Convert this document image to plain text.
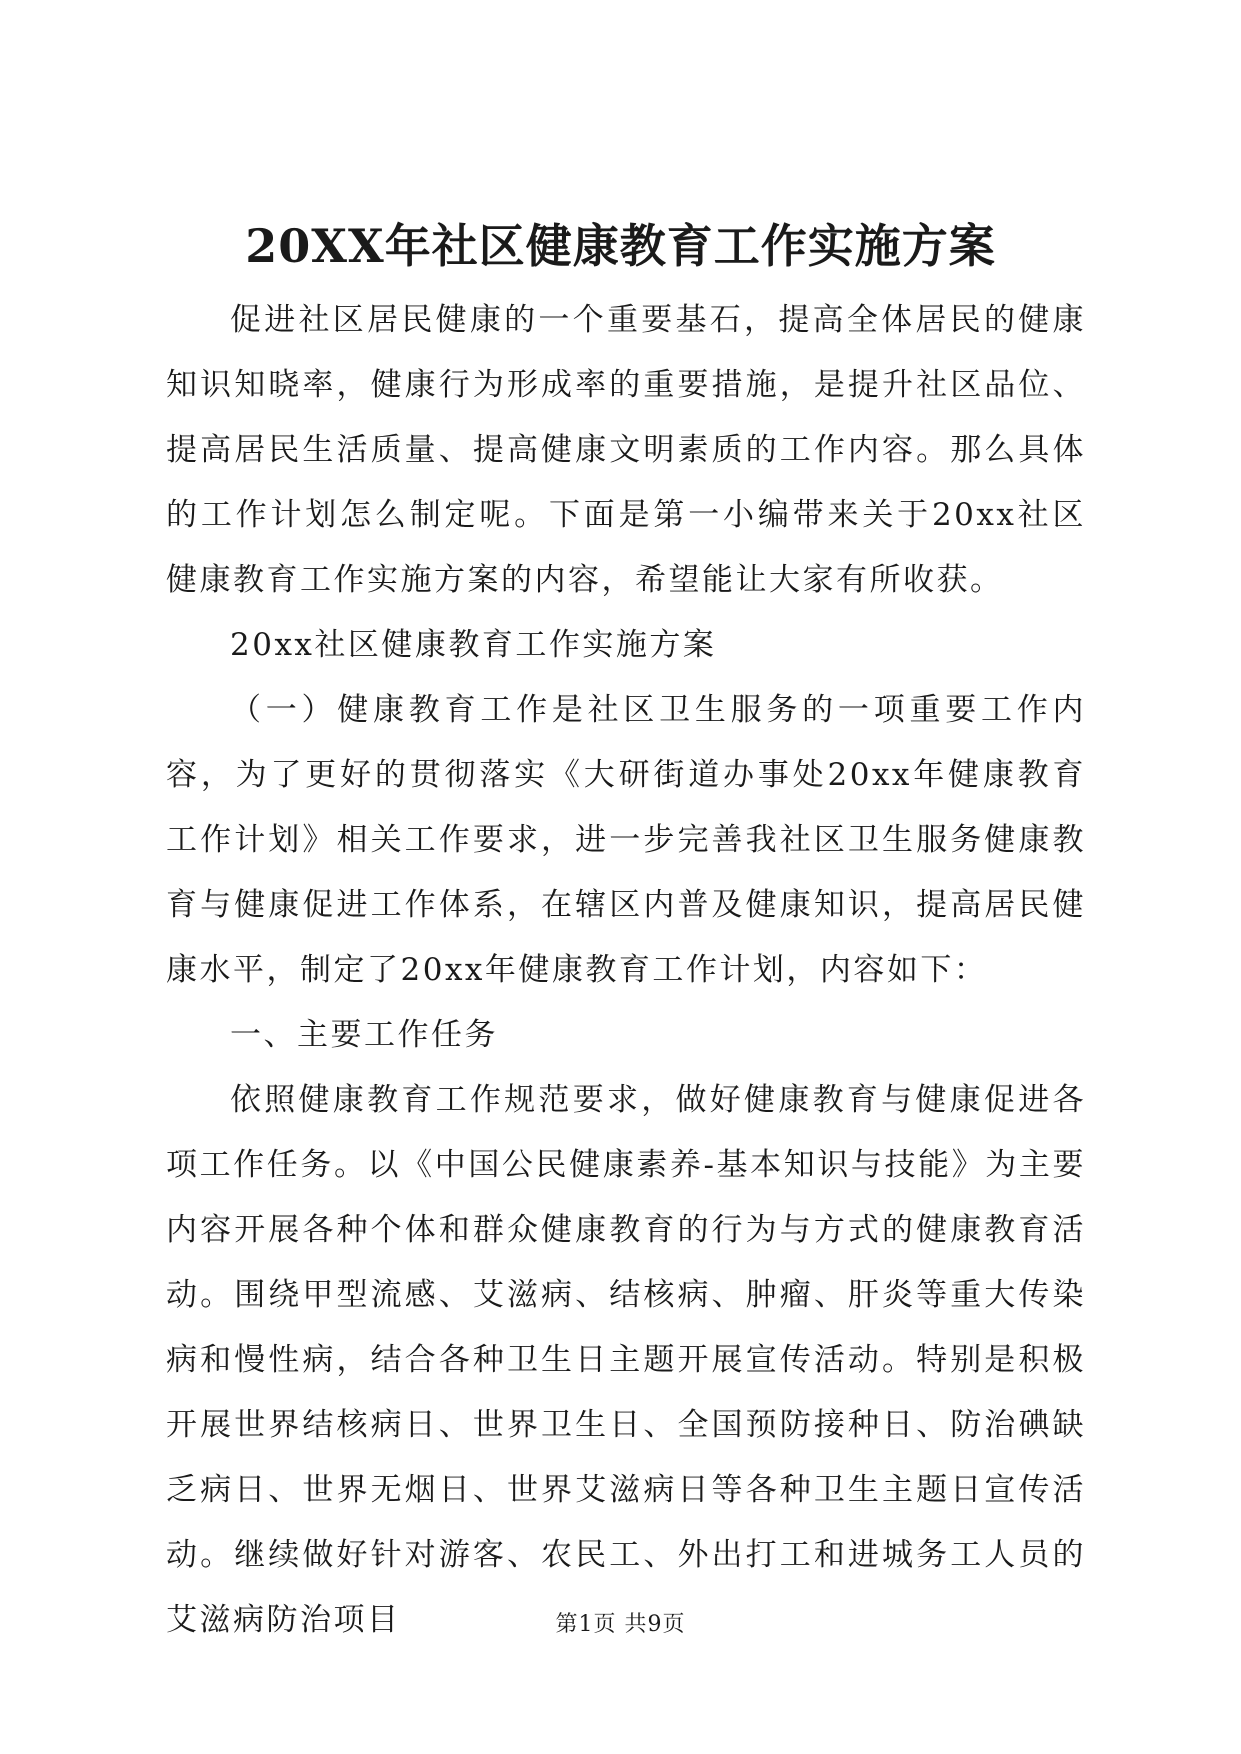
20XX年社区健康教育工作实施方案

促进社区居民健康的一个重要基石，提高全体居民的健康知识知晓率，健康行为形成率的重要措施，是提升社区品位、提高居民生活质量、提高健康文明素质的工作内容。那么具体的工作计划怎么制定呢。下面是第一小编带来关于20xx社区健康教育工作实施方案的内容，希望能让大家有所收获。

20xx社区健康教育工作实施方案

（一）健康教育工作是社区卫生服务的一项重要工作内容，为了更好的贯彻落实《大研街道办事处20xx年健康教育工作计划》相关工作要求，进一步完善我社区卫生服务健康教育与健康促进工作体系，在辖区内普及健康知识，提高居民健康水平，制定了20xx年健康教育工作计划，内容如下：

一、主要工作任务

依照健康教育工作规范要求，做好健康教育与健康促进各项工作任务。以《中国公民健康素养-基本知识与技能》为主要内容开展各种个体和群众健康教育的行为与方式的健康教育活动。围绕甲型流感、艾滋病、结核病、肿瘤、肝炎等重大传染病和慢性病，结合各种卫生日主题开展宣传活动。特别是积极开展世界结核病日、世界卫生日、全国预防接种日、防治碘缺乏病日、世界无烟日、世界艾滋病日等各种卫生主题日宣传活动。继续做好针对游客、农民工、外出打工和进城务工人员的艾滋病防治项目	第1页 共9页
